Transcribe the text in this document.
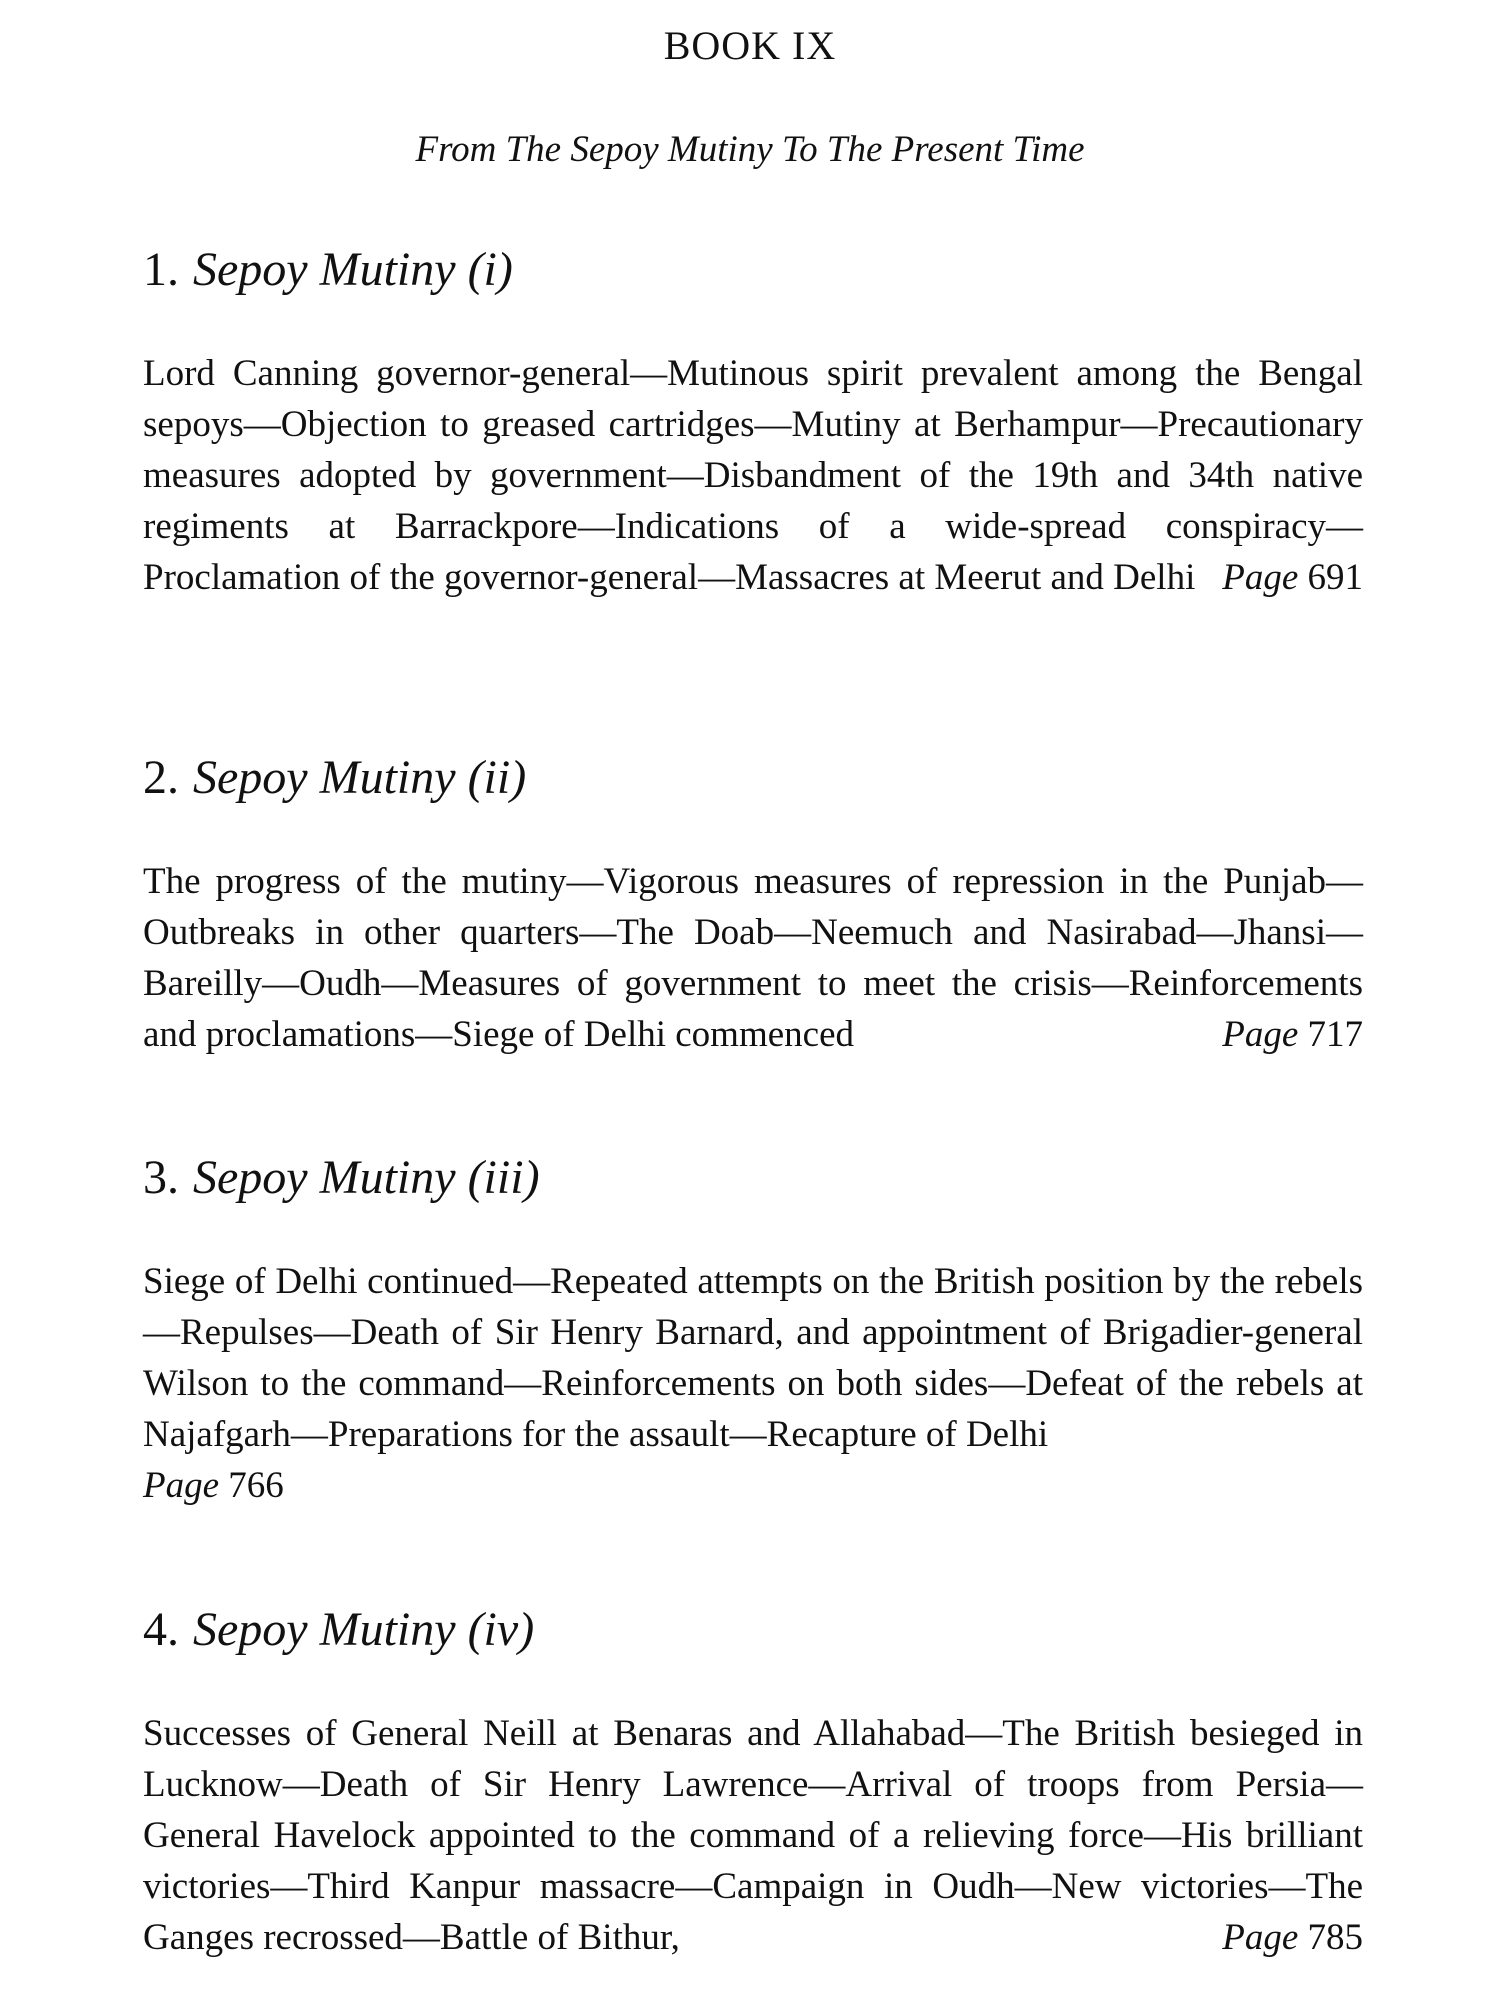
BOOK IX

From The Sepoy Mutiny To The Present Time

1. Sepoy Mutiny (i)

Lord Canning governor-general—Mutinous spirit prevalent among the Bengal sepoys—Objection to greased cartridges—Mutiny at Berhampur—Precautionary measures adopted by government—Disbandment of the 19th and 34th native regiments at Barrackpore—Indications of a wide-spread conspiracy—Proclamation of the governor-general—Massacres at Meerut and Delhi Page 691

2. Sepoy Mutiny (ii)

The progress of the mutiny—Vigorous measures of repression in the Punjab—Outbreaks in other quarters—The Doab—Neemuch and Nasirabad—Jhansi—Bareilly—Oudh—Measures of government to meet the crisis—Reinforcements and proclamations—Siege of Delhi commenced	Page 717

3. Sepoy Mutiny (iii)

Siege of Delhi continued—Repeated attempts on the British position by the rebels—Repulses—Death of Sir Henry Barnard, and appointment of Brigadier-general Wilson to the command—Reinforcements on both sides—Defeat of the rebels at Najafgarh—Preparations for the assault—Recapture of Delhi
Page 766

4. Sepoy Mutiny (iv)

Successes of General Neill at Benaras and Allahabad—The British besieged in Lucknow—Death of Sir Henry Lawrence—Arrival of troops from Persia—General Havelock appointed to the command of a relieving force—His brilliant victories—Third Kanpur massacre—Campaign in Oudh—New victories—The Ganges recrossed—Battle of Bithur,	Page 785
